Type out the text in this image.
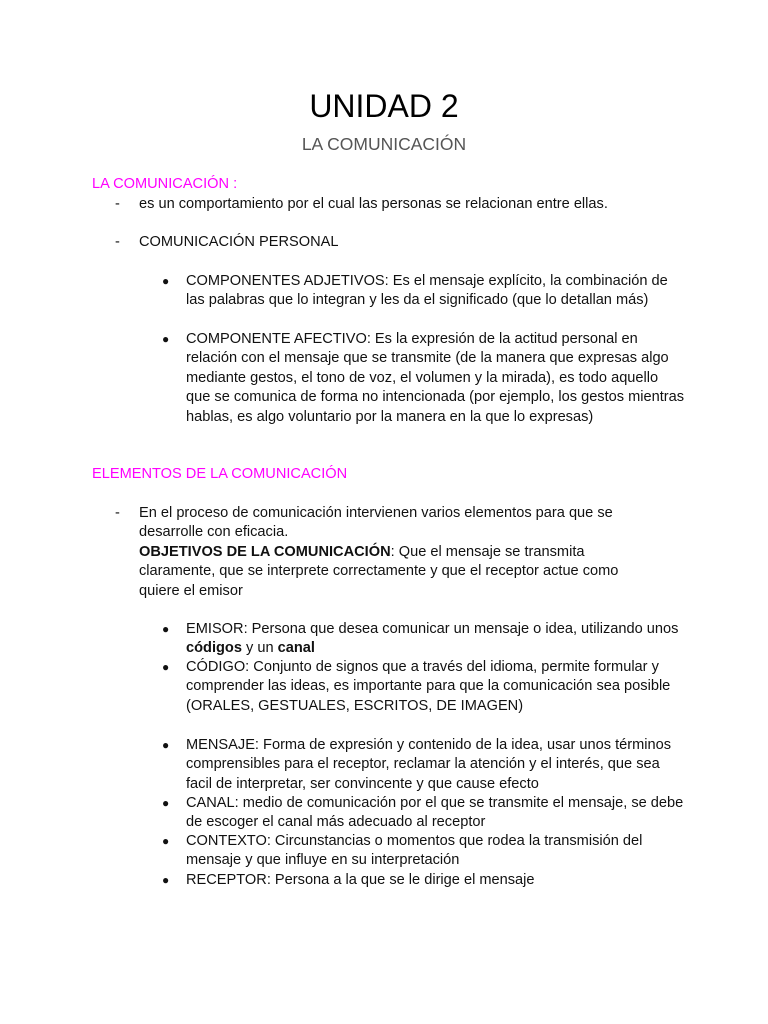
UNIDAD 2
LA COMUNICACIÓN
LA COMUNICACIÓN :
-	es un comportamiento por el cual las personas se relacionan entre ellas.
-	COMUNICACIÓN PERSONAL
●	COMPONENTES ADJETIVOS: Es el mensaje explícito, la combinación de las palabras que lo integran y les da el significado (que lo detallan más)
●	COMPONENTE AFECTIVO: Es la expresión de la actitud personal en relación con el mensaje que se transmite (de la manera que expresas algo mediante gestos, el tono de voz, el volumen y la mirada), es todo aquello que se comunica de forma no intencionada (por ejemplo, los gestos mientras hablas, es algo voluntario por la manera en la que lo expresas)
ELEMENTOS DE LA COMUNICACIÓN
-	En el proceso de comunicación intervienen varios elementos para que se desarrolle con eficacia.
OBJETIVOS DE LA COMUNICACIÓN: Que el mensaje se transmita claramente, que se interprete correctamente y que el receptor actue como quiere el emisor
●	EMISOR: Persona que desea comunicar un mensaje o idea, utilizando unos códigos y un canal
●	CÓDIGO: Conjunto de signos que a través del idioma, permite formular y comprender las ideas, es importante para que la comunicación sea posible (ORALES, GESTUALES, ESCRITOS, DE IMAGEN)
●	MENSAJE: Forma de expresión y contenido de la idea, usar unos términos comprensibles para el receptor, reclamar la atención y el interés, que sea facil de interpretar, ser convincente y que cause efecto
●	CANAL: medio de comunicación por el que se transmite el mensaje, se debe de escoger el canal más adecuado al receptor
●	CONTEXTO: Circunstancias o momentos que rodea la transmisión del mensaje y que influye en su interpretación
●	RECEPTOR: Persona a la que se le dirige el mensaje
